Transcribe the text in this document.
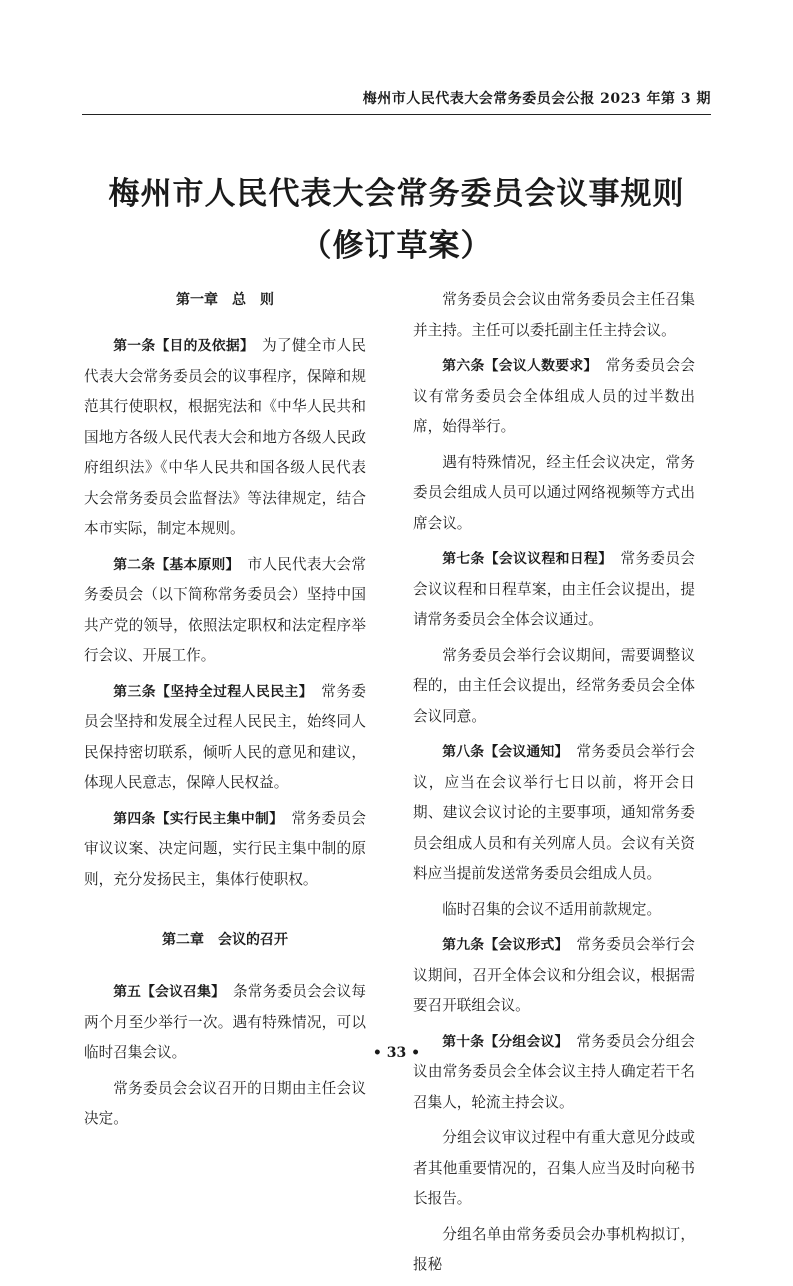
梅州市人民代表大会常务委员会公报 2023 年第 3 期
梅州市人民代表大会常务委员会议事规则
（修订草案）
第一章　总　则

第一条【目的及依据】　为了健全市人民代表大会常务委员会的议事程序，保障和规范其行使职权，根据宪法和《中华人民共和国地方各级人民代表大会和地方各级人民政府组织法》《中华人民共和国各级人民代表大会常务委员会监督法》等法律规定，结合本市实际，制定本规则。

第二条【基本原则】　市人民代表大会常务委员会（以下简称常务委员会）坚持中国共产党的领导，依照法定职权和法定程序举行会议、开展工作。

第三条【坚持全过程人民民主】　常务委员会坚持和发展全过程人民民主，始终同人民保持密切联系，倾听人民的意见和建议，体现人民意志，保障人民权益。

第四条【实行民主集中制】　常务委员会审议议案、决定问题，实行民主集中制的原则，充分发扬民主，集体行使职权。

第二章　会议的召开

第五【会议召集】　条常务委员会会议每两个月至少举行一次。遇有特殊情况，可以临时召集会议。

常务委员会会议召开的日期由主任会议决定。

常务委员会会议由常务委员会主任召集并主持。主任可以委托副主任主持会议。

第六条【会议人数要求】　常务委员会会议有常务委员会全体组成人员的过半数出席，始得举行。

遇有特殊情况，经主任会议决定，常务委员会组成人员可以通过网络视频等方式出席会议。

第七条【会议议程和日程】　常务委员会会议议程和日程草案，由主任会议提出，提请常务委员会全体会议通过。

常务委员会举行会议期间，需要调整议程的，由主任会议提出，经常务委员会全体会议同意。

第八条【会议通知】　常务委员会举行会议，应当在会议举行七日以前，将开会日期、建议会议讨论的主要事项，通知常务委员会组成人员和有关列席人员。会议有关资料应当提前发送常务委员会组成人员。

临时召集的会议不适用前款规定。

第九条【会议形式】　常务委员会举行会议期间，召开全体会议和分组会议，根据需要召开联组会议。

第十条【分组会议】　常务委员会分组会议由常务委员会全体会议主持人确定若干名召集人，轮流主持会议。

分组会议审议过程中有重大意见分歧或者其他重要情况的，召集人应当及时向秘书长报告。

分组名单由常务委员会办事机构拟订，报秘

• 33 •
